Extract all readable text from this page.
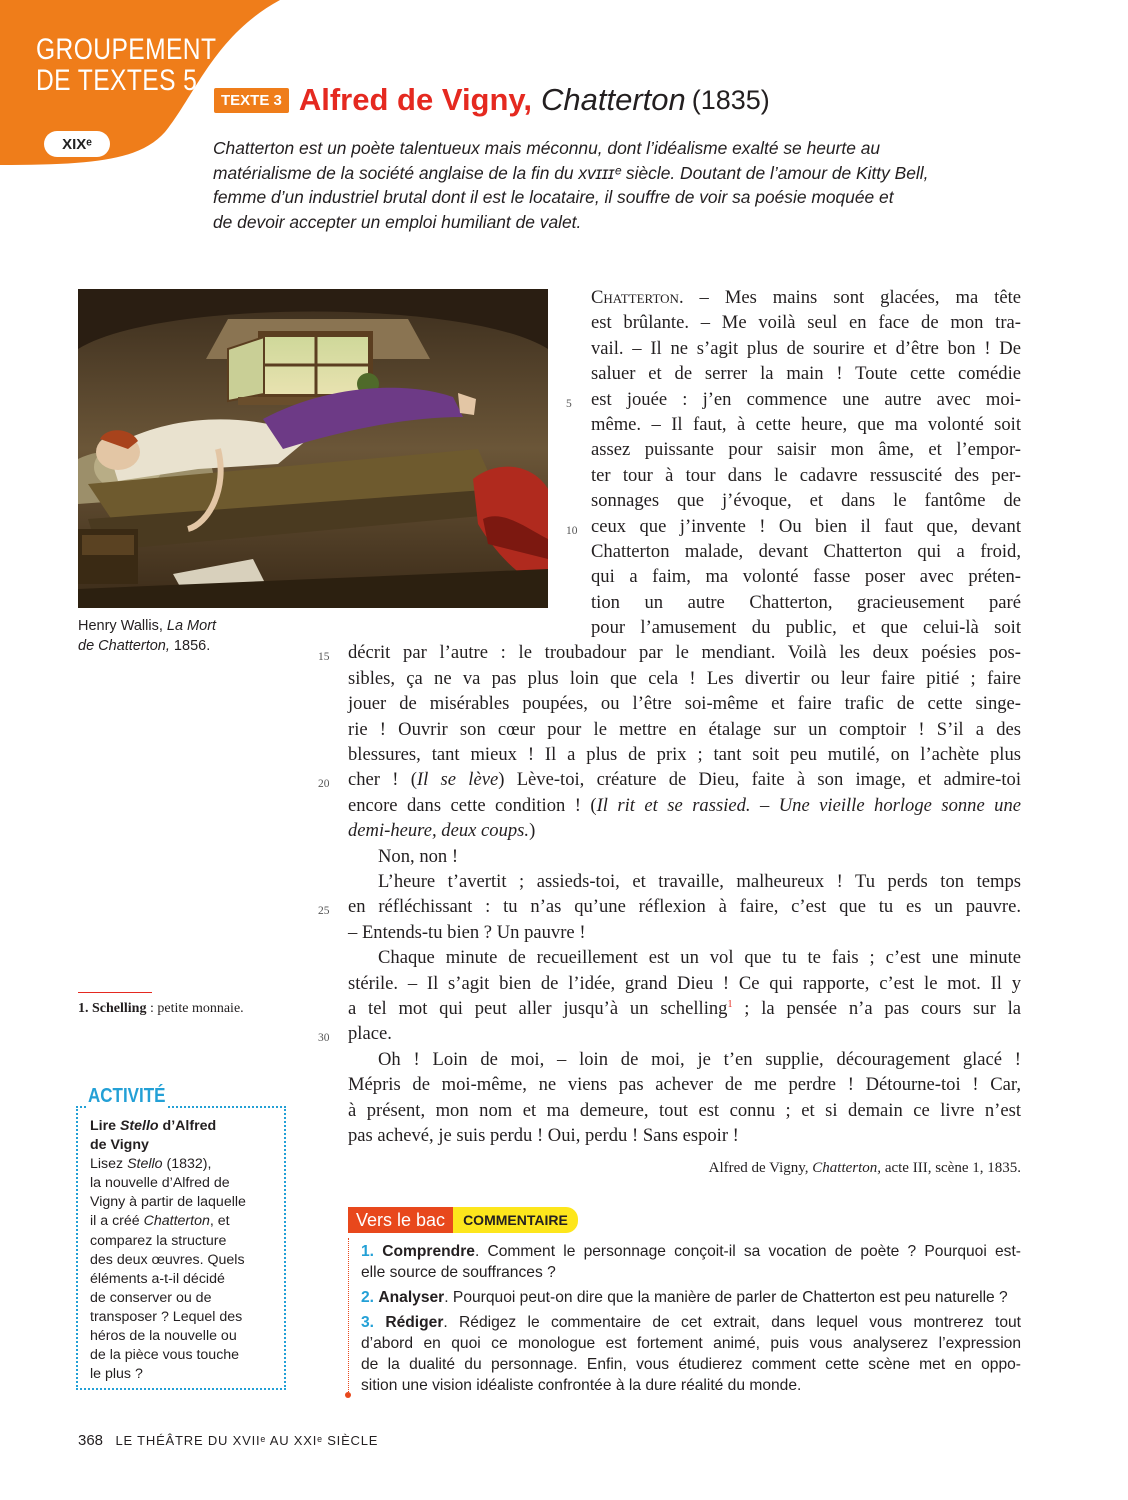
GROUPEMENT
DE TEXTES 5
XIXᵉ
TEXTE 3 Alfred de Vigny, Chatterton (1835)

Chatterton est un poète talentueux mais méconnu, dont l’idéalisme exalté se heurte au

matérialisme de la société anglaise de la fin du xᴠɪɪɪᵉ siècle. Doutant de l’amour de Kitty Bell,

femme d’un industriel brutal dont il est le locataire, il souffre de voir sa poésie moquée et

de devoir accepter un emploi humiliant de valet.

Henry Wallis, La Mort
de Chatterton, 1856.
Chatterton. – Mes mains sont glacées, ma tête
est brûlante. – Me voilà seul en face de mon tra-
vail. – Il ne s’agit plus de sourire et d’être bon ! De
saluer et de serrer la main ! Toute cette comédie
5 est jouée : j’en commence une autre avec moi-
même. – Il faut, à cette heure, que ma volonté soit
assez puissante pour saisir mon âme, et l’empor-
ter tour à tour dans le cadavre ressuscité des per-
sonnages que j’évoque, et dans le fantôme de
10 ceux que j’invente ! Ou bien il faut que, devant
Chatterton malade, devant Chatterton qui a froid,
qui a faim, ma volonté fasse poser avec préten-
tion un autre Chatterton, gracieusement paré
pour l’amusement du public, et que celui-là soit
15 décrit par l’autre : le troubadour par le mendiant. Voilà les deux poésies pos-
sibles, ça ne va pas plus loin que cela ! Les divertir ou leur faire pitié ; faire
jouer de misérables poupées, ou l’être soi-même et faire trafic de cette singe-
rie ! Ouvrir son cœur pour le mettre en étalage sur un comptoir ! S’il a des
blessures, tant mieux ! Il a plus de prix ; tant soit peu mutilé, on l’achète plus
20 cher ! (Il se lève) Lève-toi, créature de Dieu, faite à son image, et admire-toi
encore dans cette condition ! (Il rit et se rassied. – Une vieille horloge sonne une
demi-heure, deux coups.)
Non, non !
L’heure t’avertit ; assieds-toi, et travaille, malheureux ! Tu perds ton temps
25 en réfléchissant : tu n’as qu’une réflexion à faire, c’est que tu es un pauvre.
– Entends-tu bien ? Un pauvre !
Chaque minute de recueillement est un vol que tu te fais ; c’est une minute
stérile. – Il s’agit bien de l’idée, grand Dieu ! Ce qui rapporte, c’est le mot. Il y
a tel mot qui peut aller jusqu’à un schelling$^1$ ; la pensée n’a pas cours sur la
30 place.
Oh ! Loin de moi, – loin de moi, je t’en supplie, découragement glacé !
Mépris de moi-même, ne viens pas achever de me perdre ! Détourne-toi ! Car,
à présent, mon nom et ma demeure, tout est connu ; et si demain ce livre n’est
pas achevé, je suis perdu ! Oui, perdu ! Sans espoir !
Alfred de Vigny, Chatterton, acte III, scène 1, 1835.
1. Schelling : petite monnaie.
Lire Stello d’Alfred
de Vigny
Lisez Stello (1832),
la nouvelle d’Alfred de
Vigny à partir de laquelle
il a créé Chatterton, et
comparez la structure
des deux œuvres. Quels
éléments a-t-il décidé
de conserver ou de
transposer ? Lequel des
héros de la nouvelle ou
de la pièce vous touche
le plus ?
ACTIVITÉ
Vers le bac	COMMENTAIRE
1. Comprendre. Comment le personnage conçoit-il sa vocation de poète ? Pourquoi est-
elle source de souffrances ?
2. Analyser. Pourquoi peut-on dire que la manière de parler de Chatterton est peu naturelle ?
3. Rédiger. Rédigez le commentaire de cet extrait, dans lequel vous montrerez tout
d’abord en quoi ce monologue est fortement animé, puis vous analyserez l’expression
de la dualité du personnage. Enfin, vous étudierez comment cette scène met en oppo-
sition une vision idéaliste confrontée à la dure réalité du monde.
368 LE THÉÂTRE DU XVIIᵉ AU XXIᵉ SIÈCLE
